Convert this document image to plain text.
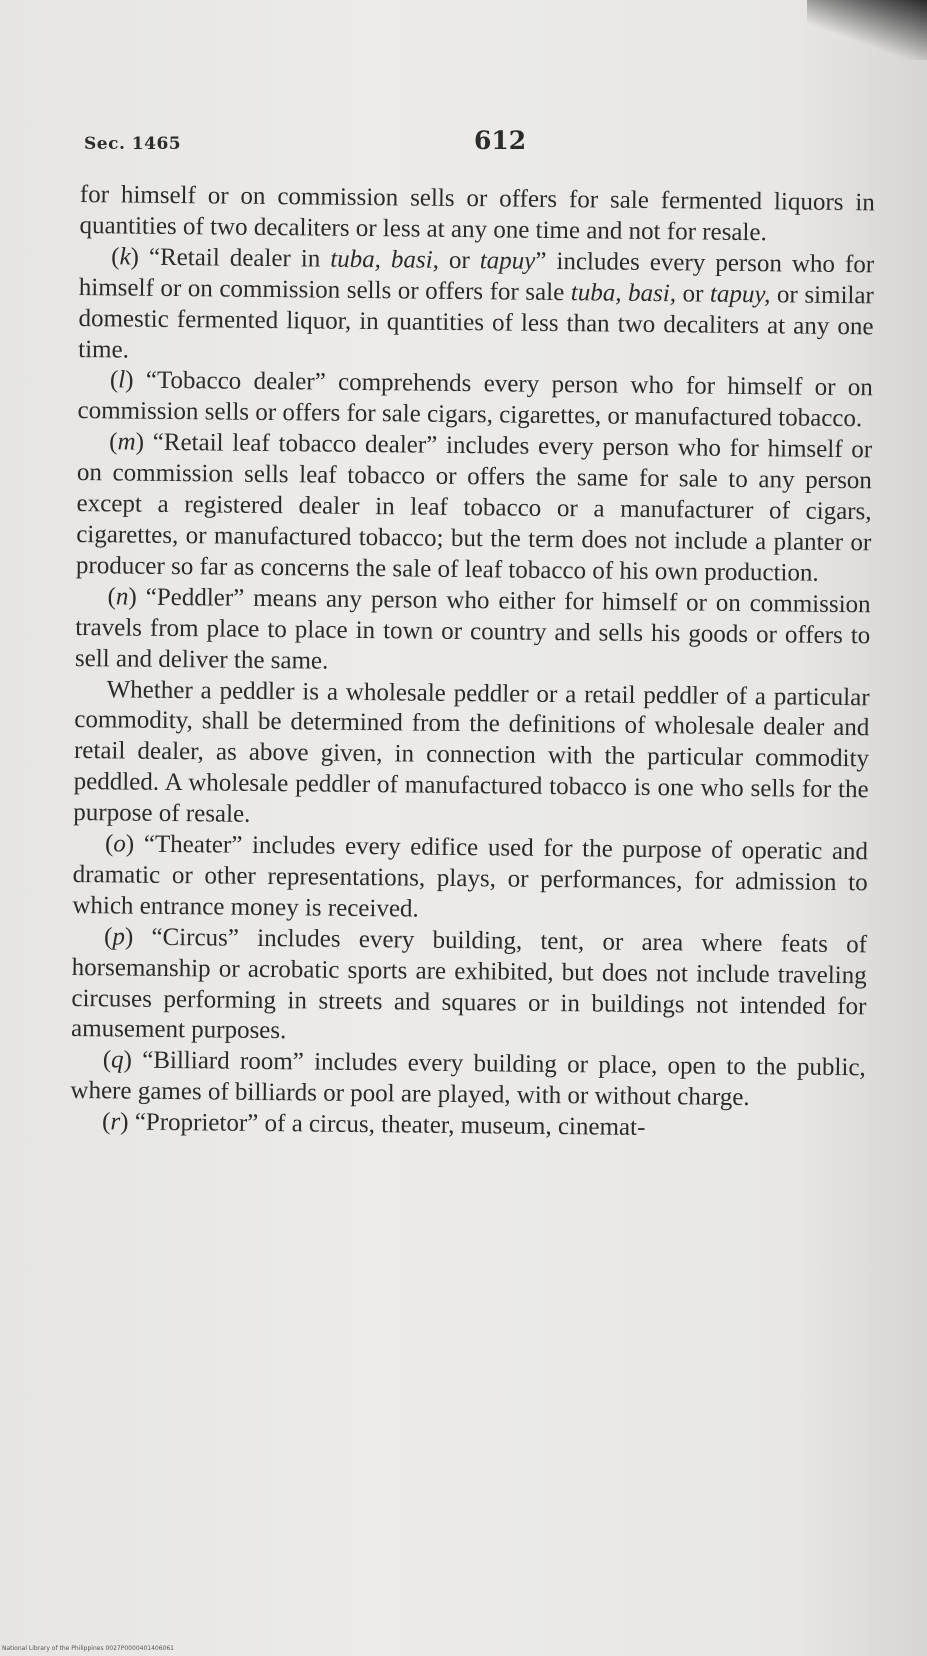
Sec. 1465	612

for himself or on commission sells or offers for sale fermented liquors in quantities of two decaliters or less at any one time and not for resale.

(k) “Retail dealer in tuba, basi, or tapuy” includes every person who for himself or on commission sells or offers for sale tuba, basi, or tapuy, or similar domestic fermented liquor, in quantities of less than two decaliters at any one time.

(l) “Tobacco dealer” comprehends every person who for himself or on commission sells or offers for sale cigars, cigarettes, or manufactured tobacco.

(m) “Retail leaf tobacco dealer” includes every person who for himself or on commission sells leaf tobacco or offers the same for sale to any person except a registered dealer in leaf tobacco or a manufacturer of cigars, cigarettes, or manufactured tobacco; but the term does not include a planter or producer so far as concerns the sale of leaf tobacco of his own production.

(n) “Peddler” means any person who either for himself or on commission travels from place to place in town or country and sells his goods or offers to sell and deliver the same.

Whether a peddler is a wholesale peddler or a retail peddler of a particular commodity, shall be determined from the definitions of wholesale dealer and retail dealer, as above given, in connection with the particular commodity peddled. A wholesale peddler of manufactured tobacco is one who sells for the purpose of resale.

(o) “Theater” includes every edifice used for the purpose of operatic and dramatic or other representations, plays, or performances, for admission to which entrance money is received.

(p) “Circus” includes every building, tent, or area where feats of horsemanship or acrobatic sports are exhibited, but does not include traveling circuses performing in streets and squares or in buildings not intended for amusement purposes.

(q) “Billiard room” includes every building or place, open to the public, where games of billiards or pool are played, with or without charge.

(r) “Proprietor” of a circus, theater, museum, cinemat-

National Library of the Philippines 0027P0000401406061
